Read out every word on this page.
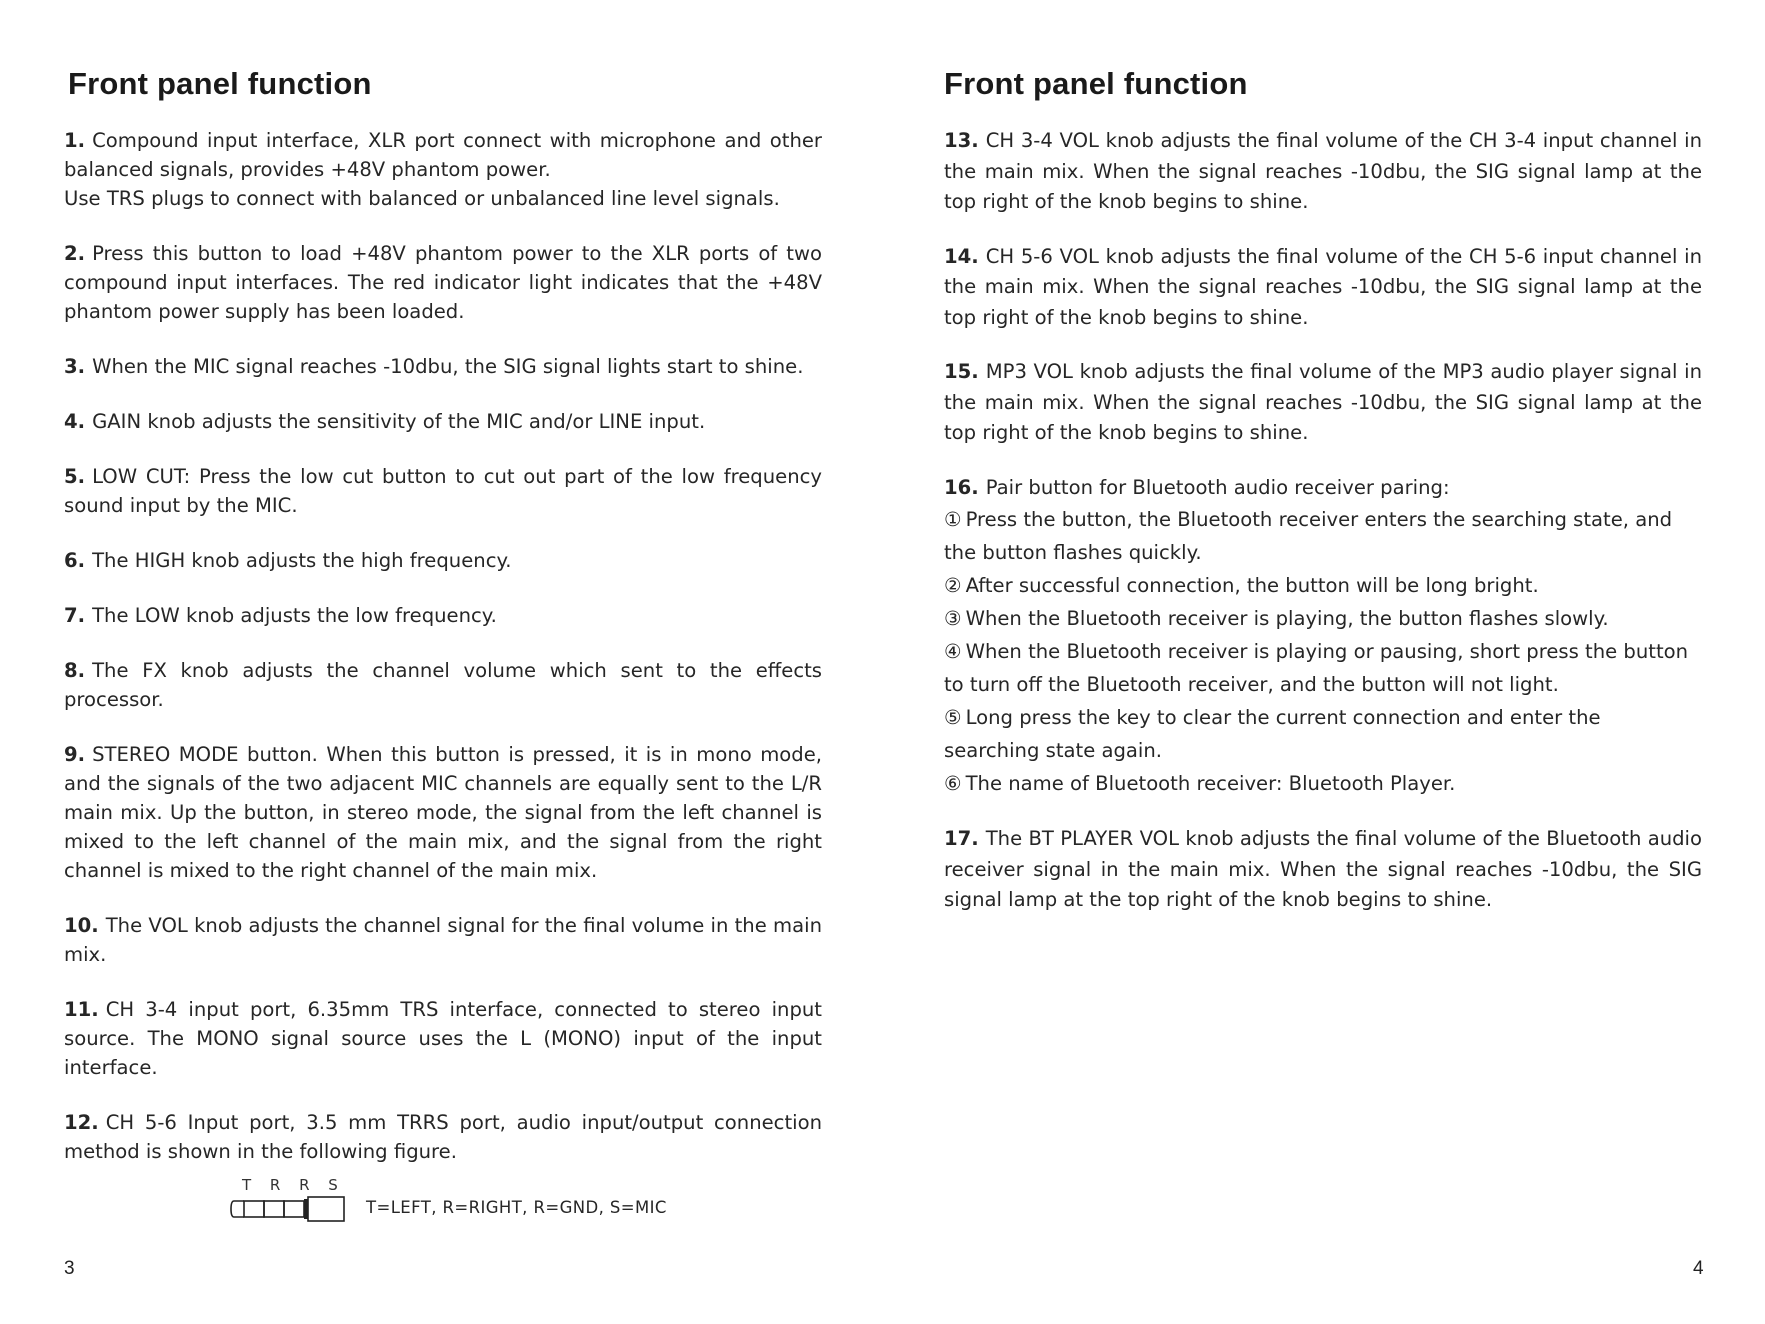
Front panel function

1. Compound input interface, XLR port connect with microphone and other balanced signals, provides +48V phantom power.
Use TRS plugs to connect with balanced or unbalanced line level signals.

2. Press this button to load +48V phantom power to the XLR ports of two compound input interfaces. The red indicator light indicates that the +48V phantom power supply has been loaded.

3. When the MIC signal reaches -10dbu, the SIG signal lights start to shine.

4. GAIN knob adjusts the sensitivity of the MIC and/or LINE input.

5. LOW CUT: Press the low cut button to cut out part of the low frequency sound input by the MIC.

6. The HIGH knob adjusts the high frequency.

7. The LOW knob adjusts the low frequency.

8. The FX knob adjusts the channel volume which sent to the effects processor.

9. STEREO MODE button. When this button is pressed, it is in mono mode, and the signals of the two adjacent MIC channels are equally sent to the L/R main mix. Up the button, in stereo mode, the signal from the left channel is mixed to the left channel of the main mix, and the signal from the right channel is mixed to the right channel of the main mix.

10. The VOL knob adjusts the channel signal for the final volume in the main mix.

11. CH 3-4 input port, 6.35mm TRS interface, connected to stereo input source. The MONO signal source uses the L (MONO) input of the input interface.

12. CH 5-6 Input port, 3.5 mm TRRS port, audio input/output connection method is shown in the following figure.

T R R S
T=LEFT, R=RIGHT, R=GND, S=MIC
3
Front panel function

13. CH 3-4 VOL knob adjusts the final volume of the CH 3-4 input channel in the main mix. When the signal reaches -10dbu, the SIG signal lamp at the top right of the knob begins to shine.

14. CH 5-6 VOL knob adjusts the final volume of the CH 5-6 input channel in the main mix. When the signal reaches -10dbu, the SIG signal lamp at the top right of the knob begins to shine.

15. MP3 VOL knob adjusts the final volume of the MP3 audio player signal in the main mix. When the signal reaches -10dbu, the SIG signal lamp at the top right of the knob begins to shine.

16. Pair button for Bluetooth audio receiver paring:
① Press the button, the Bluetooth receiver enters the searching state, and the button flashes quickly.
② After successful connection, the button will be long bright.
③ When the Bluetooth receiver is playing, the button flashes slowly.
④ When the Bluetooth receiver is playing or pausing, short press the button to turn off the Bluetooth receiver, and the button will not light.
⑤ Long press the key to clear the current connection and enter the searching state again.
⑥ The name of Bluetooth receiver: Bluetooth Player.

17. The BT PLAYER VOL knob adjusts the final volume of the Bluetooth audio receiver signal in the main mix. When the signal reaches -10dbu, the SIG signal lamp at the top right of the knob begins to shine.

4
